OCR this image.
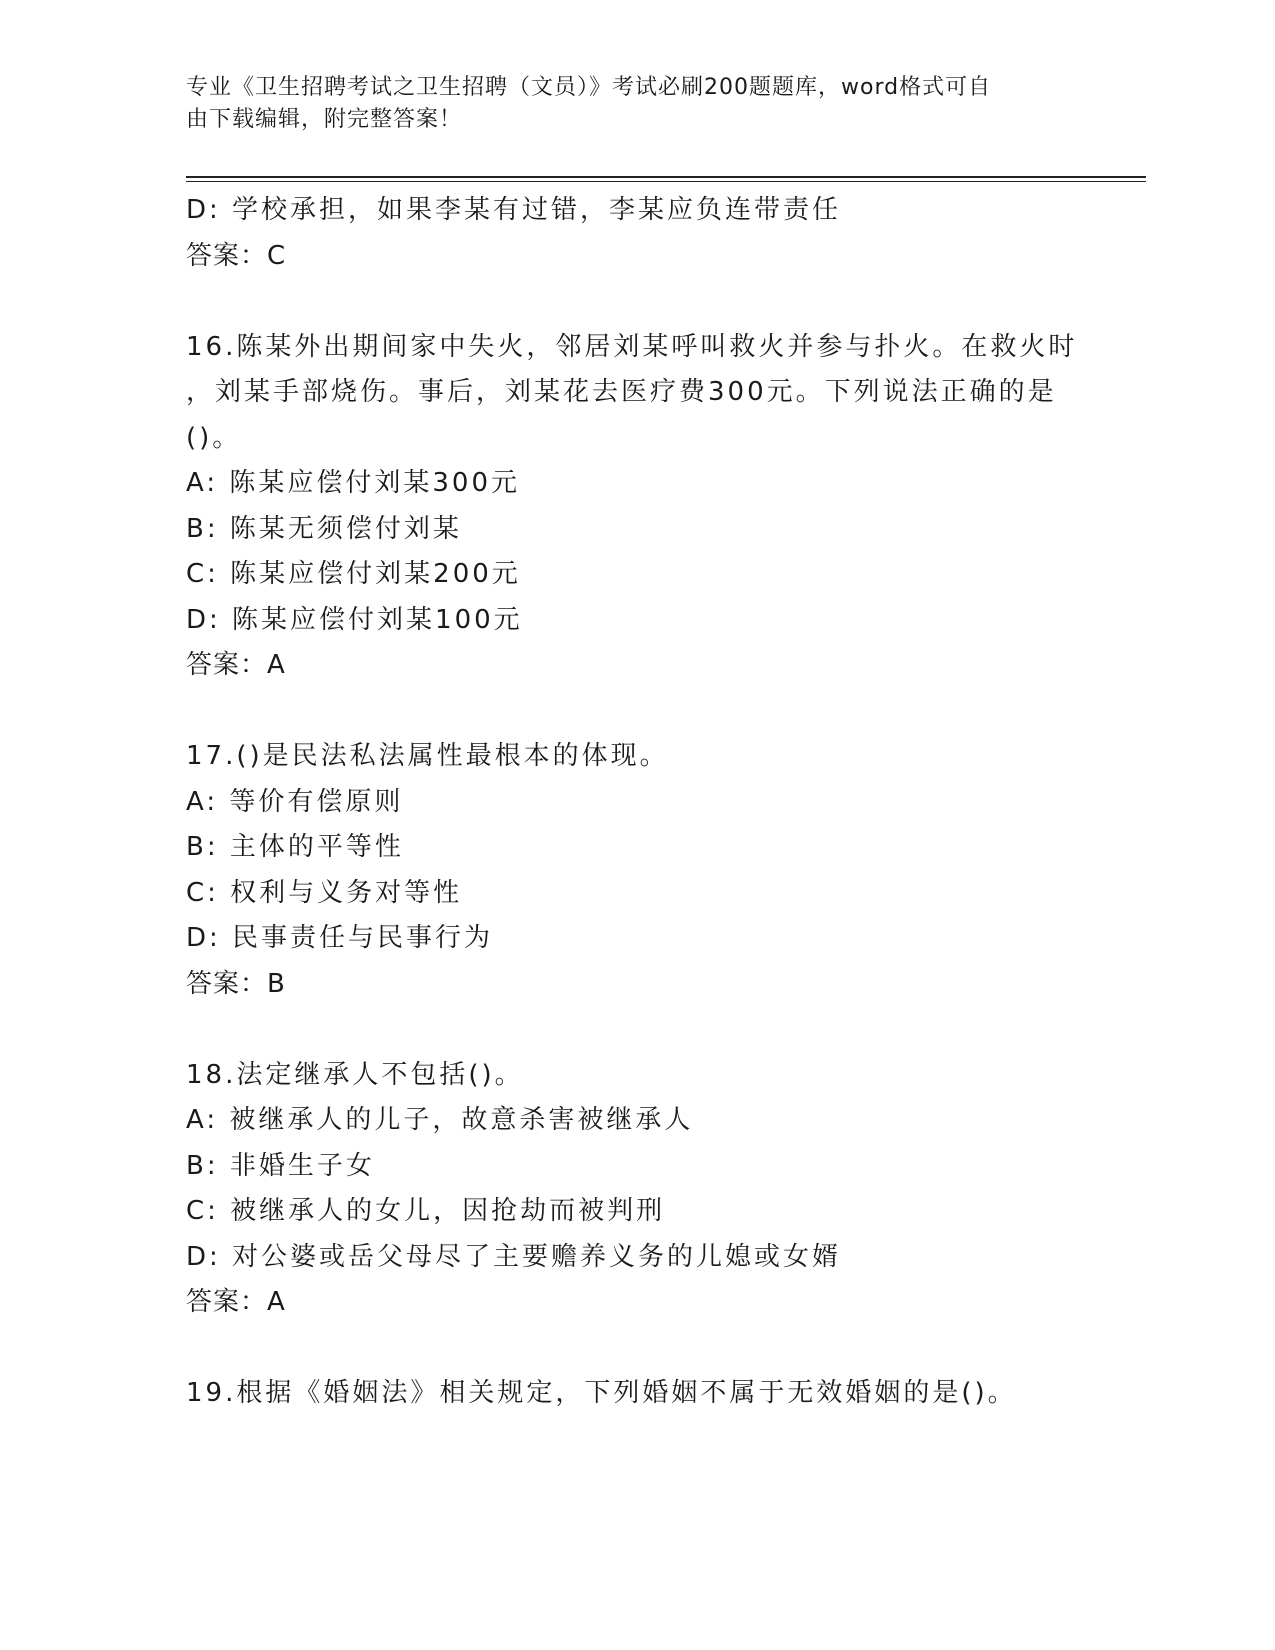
专业《卫生招聘考试之卫生招聘（文员）》考试必刷200题题库，word格式可自
由下载编辑，附完整答案！
D: 学校承担，如果李某有过错，李某应负连带责任
答案：C
16.陈某外出期间家中失火，邻居刘某呼叫救火并参与扑火。在救火时
，刘某手部烧伤。事后，刘某花去医疗费300元。下列说法正确的是
()。
A: 陈某应偿付刘某300元
B: 陈某无须偿付刘某
C: 陈某应偿付刘某200元
D: 陈某应偿付刘某100元
答案：A
17.()是民法私法属性最根本的体现。
A: 等价有偿原则
B: 主体的平等性
C: 权利与义务对等性
D: 民事责任与民事行为
答案：B
18.法定继承人不包括()。
A: 被继承人的儿子，故意杀害被继承人
B: 非婚生子女
C: 被继承人的女儿，因抢劫而被判刑
D: 对公婆或岳父母尽了主要赡养义务的儿媳或女婿
答案：A
19.根据《婚姻法》相关规定，下列婚姻不属于无效婚姻的是()。
